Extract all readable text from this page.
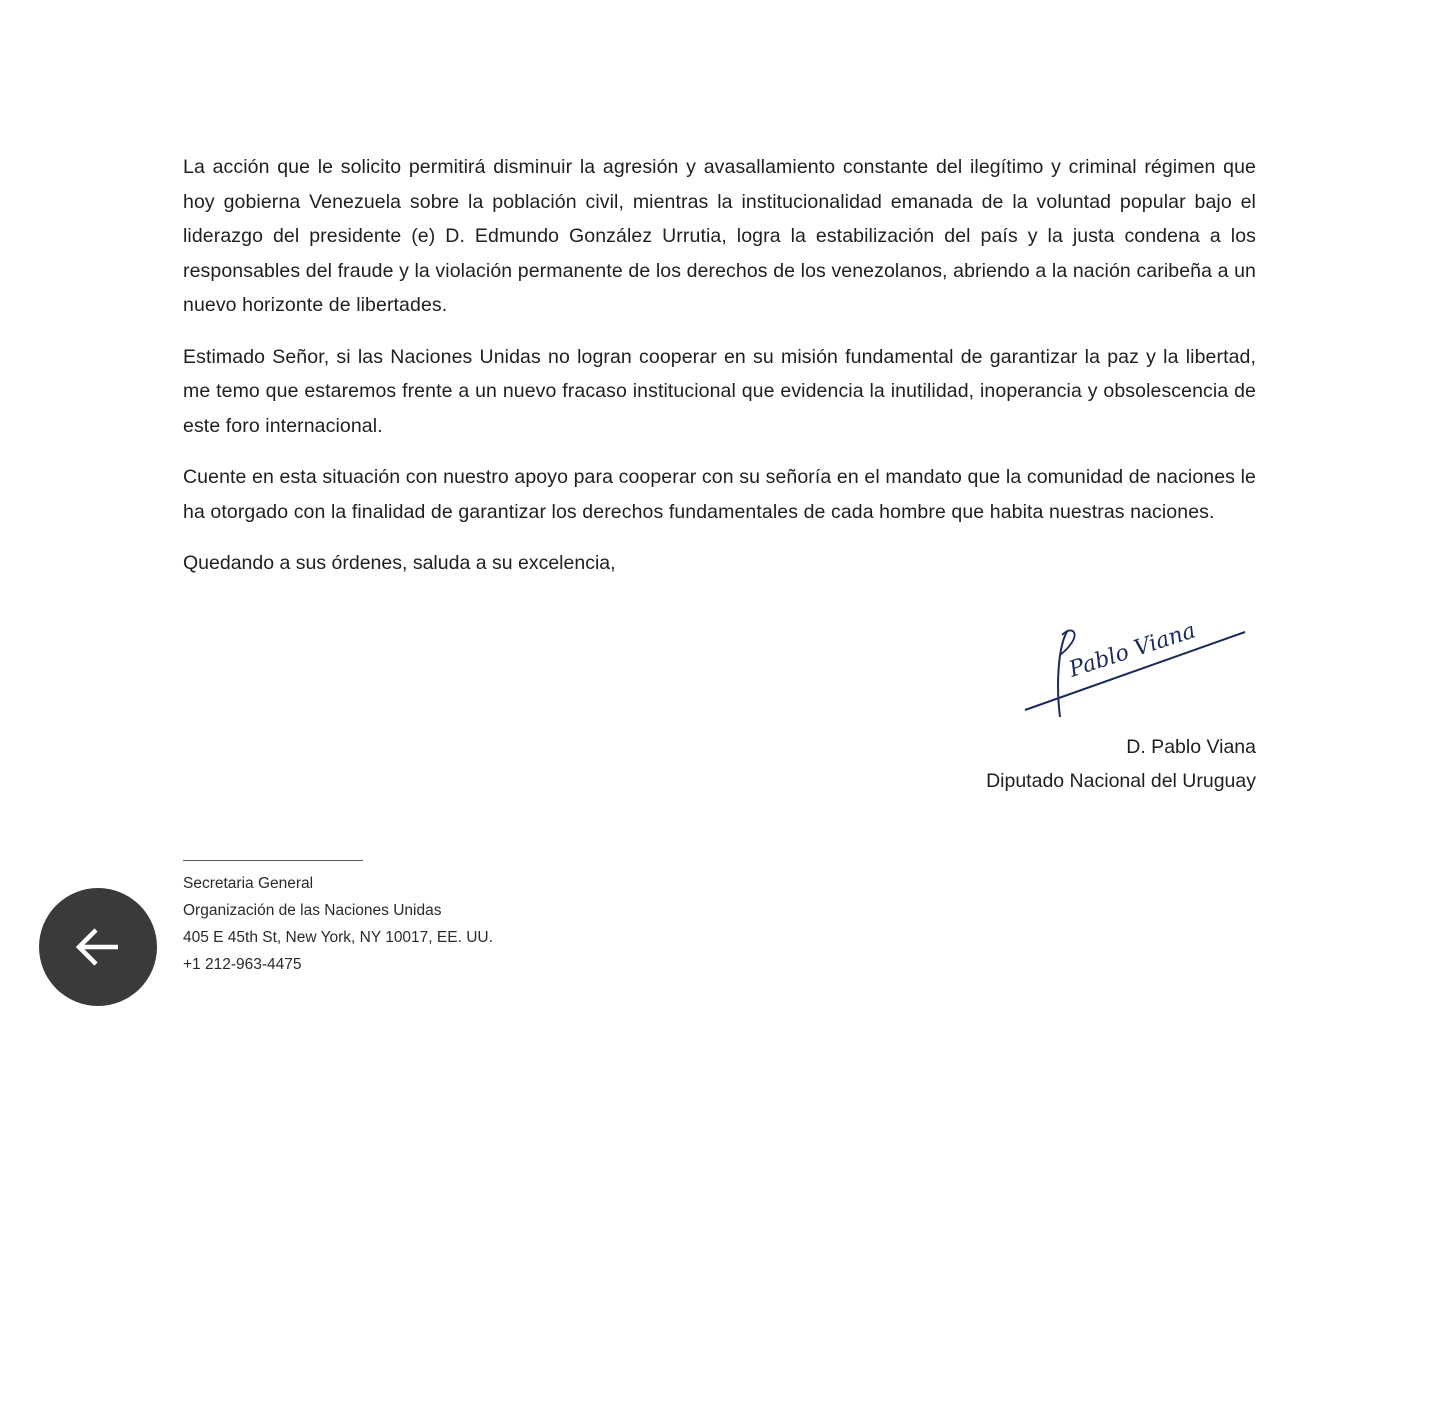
La acción que le solicito permitirá disminuir la agresión y avasallamiento constante del ilegítimo y criminal régimen que hoy gobierna Venezuela sobre la población civil, mientras la institucionalidad emanada de la voluntad popular bajo el liderazgo del presidente (e) D. Edmundo González Urrutia, logra la estabilización del país y la justa condena a los responsables del fraude y la violación permanente de los derechos de los venezolanos, abriendo a la nación caribeña a un nuevo horizonte de libertades.

Estimado Señor, si las Naciones Unidas no logran cooperar en su misión fundamental de garantizar la paz y la libertad, me temo que estaremos frente a un nuevo fracaso institucional que evidencia la inutilidad, inoperancia y obsolescencia de este foro internacional.

Cuente en esta situación con nuestro apoyo para cooperar con su señoría en el mandato que la comunidad de naciones le ha otorgado con la finalidad de garantizar los derechos fundamentales de cada hombre que habita nuestras naciones.

Quedando a sus órdenes, saluda a su excelencia,

Pablo Viana
D. Pablo Viana
Diputado Nacional del Uruguay
Secretaria General
Organización de las Naciones Unidas
405 E 45th St, New York, NY 10017, EE. UU.
+1 212-963-4475
